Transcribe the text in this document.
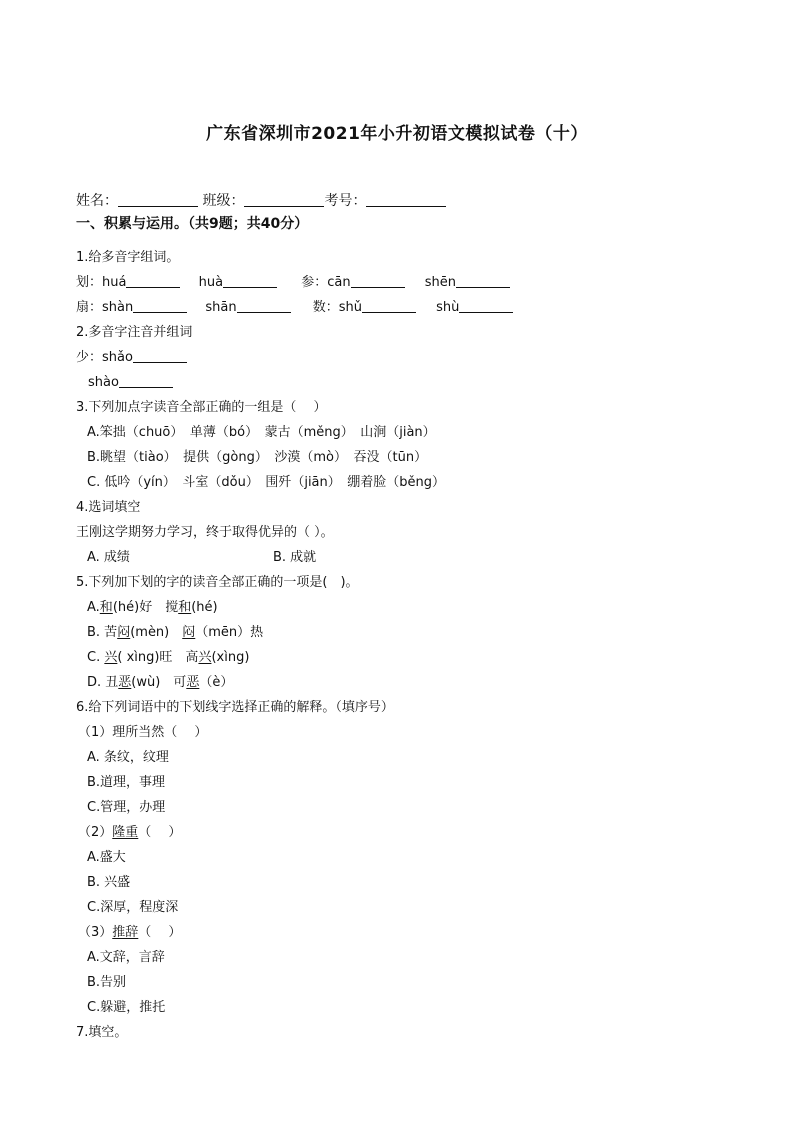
广东省深圳市2021年小升初语文模拟试卷（十）
姓名：	班级：	考号：
一、积累与运用。（共9题；共40分）
1.给多音字组词。
划：huá	huà	参：cān	shēn
扇：shàn	shān	数：shǔ	shù
2.多音字注音并组词
少：shǎo
shào
3.下列加点字读音全部正确的一组是（　 ）
A.笨拙（chuō）　单薄（bó）　蒙古（měng）　山涧（jiàn）
B.眺望（tiào）　提供（gòng）　沙漠（mò）　吞没（tūn）
C. 低吟（yín）　斗室（dǒu）　围歼（jiān）　绷着脸（běng）
4.选词填空
王刚这学期努力学习，终于取得优异的（ ）。
A. 成绩	B. 成就
5.下列加下划的字的读音全部正确的一项是(　)。
A.和(hé)好　搅和(hé)
B. 苦闷(mèn)　闷（mēn）热
C. 兴( xìng)旺　高兴(xìng)
D. 丑恶(wù)　可恶（è）
6.给下列词语中的下划线字选择正确的解释。（填序号）
（1）理所当然（　 ）
A. 条纹，纹理
B.道理，事理
C.管理，办理
（2）隆重（　 ）
A.盛大
B. 兴盛
C.深厚，程度深
（3）推辞（　 ）
A.文辞，言辞
B.告别
C.躲避，推托
7.填空。
